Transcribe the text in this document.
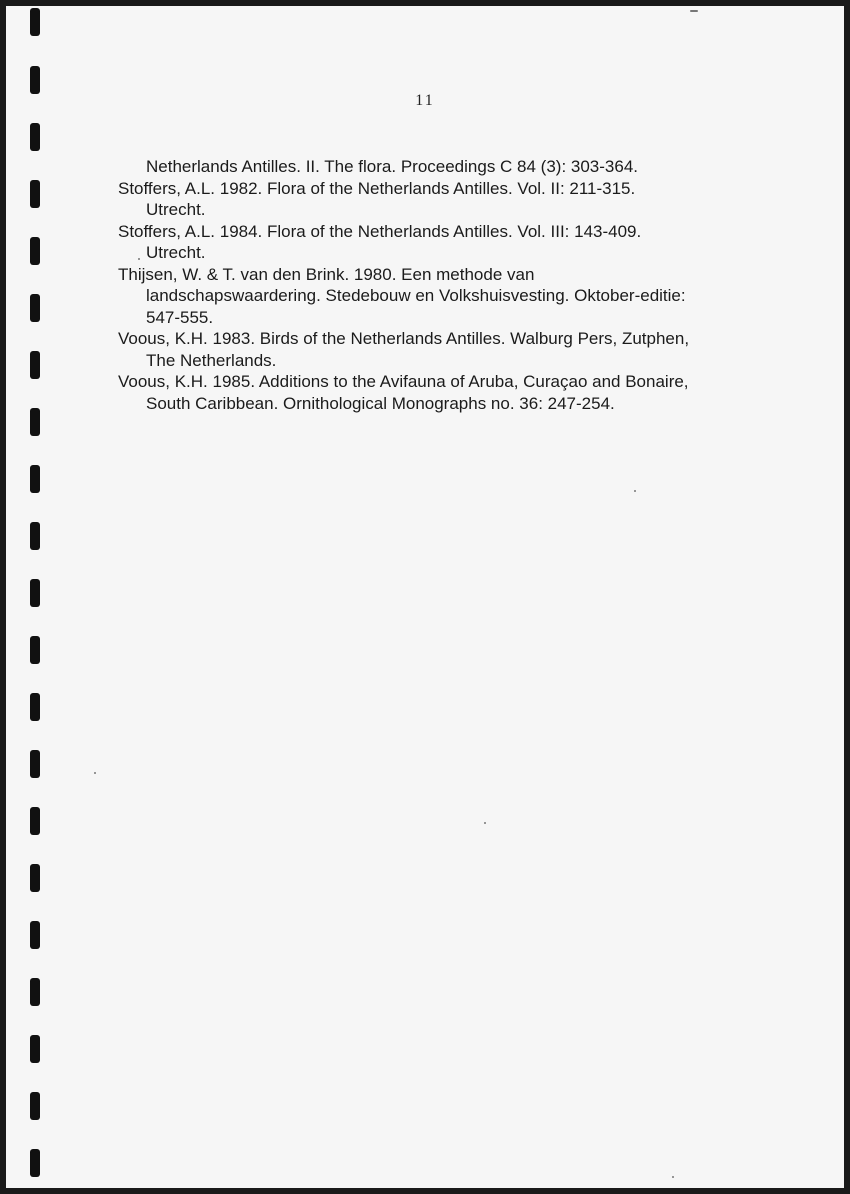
11

Netherlands Antilles. II. The flora. Proceedings C 84 (3): 303-364.

Stoffers, A.L. 1982. Flora of the Netherlands Antilles. Vol. II: 211-315.
Utrecht.

Stoffers, A.L. 1984. Flora of the Netherlands Antilles. Vol. III: 143-409.
Utrecht.

Thijsen, W. & T. van den Brink. 1980. Een methode van
landschapswaardering. Stedebouw en Volkshuisvesting. Oktober-editie:
547-555.

Voous, K.H. 1983. Birds of the Netherlands Antilles. Walburg Pers, Zutphen,
The Netherlands.

Voous, K.H. 1985. Additions to the Avifauna of Aruba, Curaçao and Bonaire,
South Caribbean. Ornithological Monographs no. 36: 247-254.
